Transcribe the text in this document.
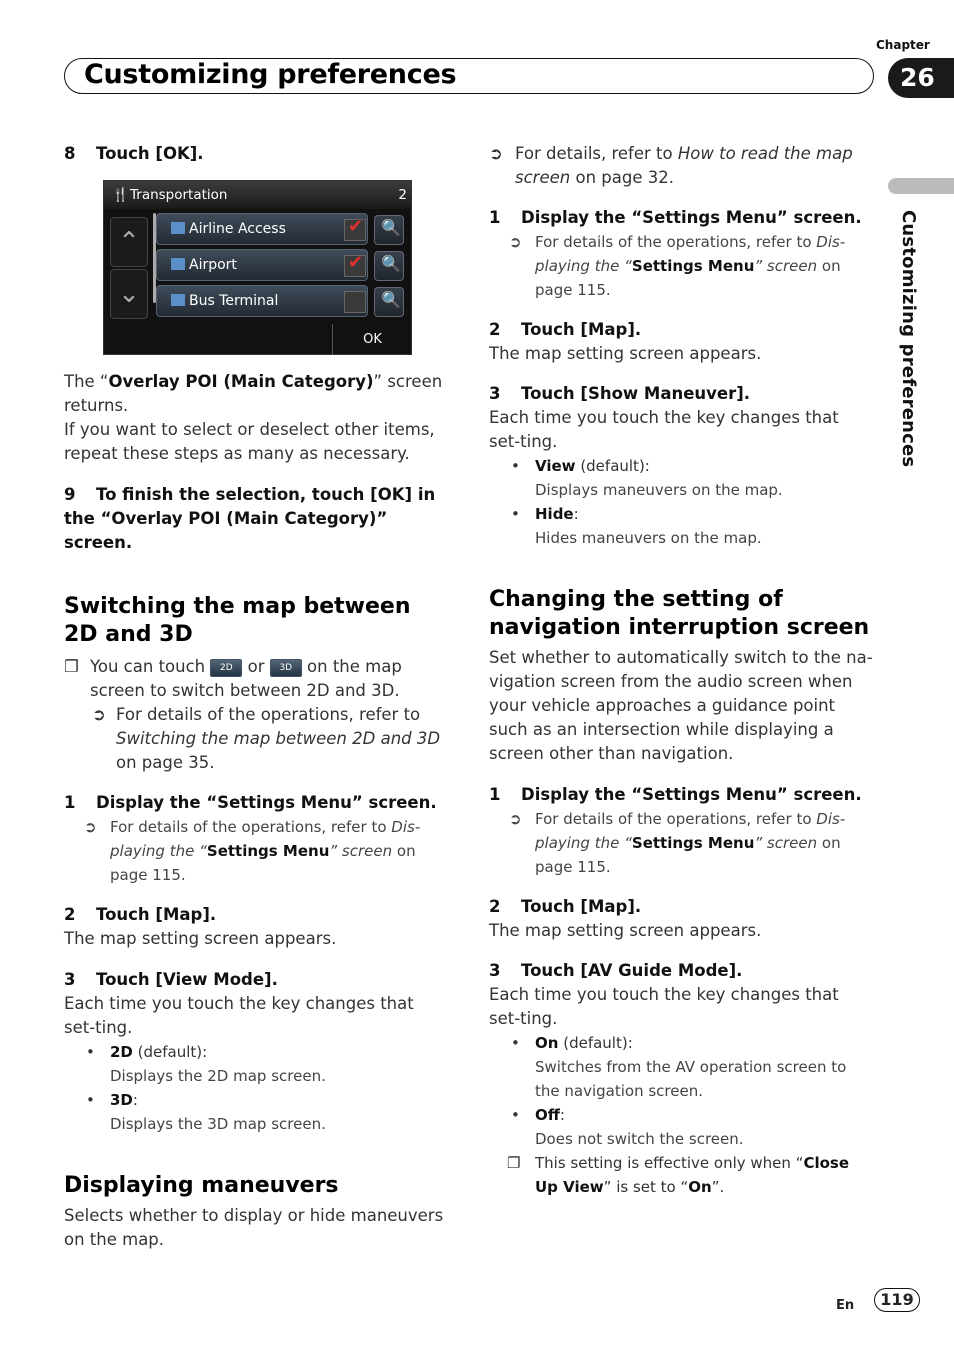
Chapter
Customizing preferences	26
Customizing preferences

8 Touch [OK].

🍴 Transportation	2
⌃
⌄
Airline Access	✔ 🔍
Airport	✔ 🔍
Bus Terminal	🔍
OK

The “Overlay POI (Main Category)” screen returns.

If you want to select or deselect other items, repeat these steps as many as necessary.

9 To finish the selection, touch [OK] in the “Overlay POI (Main Category)” screen.

Switching the map between 2D and 3D

❐ You can touch 2D or 3D on the map screen to switch between 2D and 3D.

➲ For details of the operations, refer to Switching the map between 2D and 3D on page 35.

1 Display the “Settings Menu” screen.

➲ For details of the operations, refer to Dis-playing the “Settings Menu” screen on page 115.

2 Touch [Map].

The map setting screen appears.

3 Touch [View Mode].

Each time you touch the key changes that set-ting.

• 2D (default):

Displays the 2D map screen.

• 3D:

Displays the 3D map screen.

Displaying maneuvers

Selects whether to display or hide maneuvers on the map.

➲ For details, refer to How to read the map screen on page 32.

1 Display the “Settings Menu” screen.

➲ For details of the operations, refer to Dis-playing the “Settings Menu” screen on page 115.

2 Touch [Map].

The map setting screen appears.

3 Touch [Show Maneuver].

Each time you touch the key changes that set-ting.

• View (default):

Displays maneuvers on the map.

• Hide:

Hides maneuvers on the map.

Changing the setting of navigation interruption screen

Set whether to automatically switch to the na-vigation screen from the audio screen when your vehicle approaches a guidance point such as an intersection while displaying a screen other than navigation.

1 Display the “Settings Menu” screen.

➲ For details of the operations, refer to Dis-playing the “Settings Menu” screen on page 115.

2 Touch [Map].

The map setting screen appears.

3 Touch [AV Guide Mode].

Each time you touch the key changes that set-ting.

• On (default):

Switches from the AV operation screen to the navigation screen.

• Off:

Does not switch the screen.

❐ This setting is effective only when “Close Up View” is set to “On”.

En	119
